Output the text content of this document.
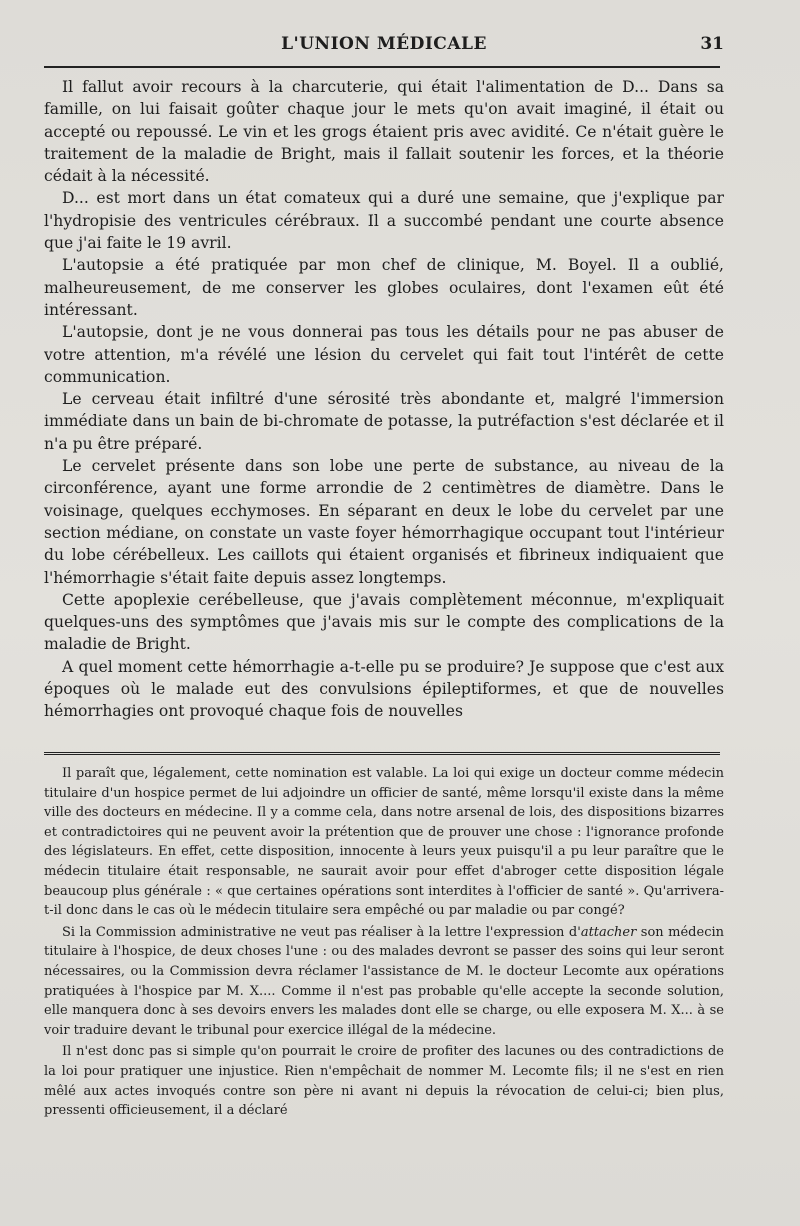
L'UNION MÉDICALE	31

Il fallut avoir recours à la charcuterie, qui était l'alimentation de D... Dans sa famille, on lui faisait goûter chaque jour le mets qu'on avait imaginé, il était ou accepté ou repoussé. Le vin et les grogs étaient pris avec avidité. Ce n'était guère le traitement de la maladie de Bright, mais il fallait soutenir les forces, et la théorie cédait à la nécessité.

D... est mort dans un état comateux qui a duré une semaine, que j'explique par l'hydropisie des ventricules cérébraux. Il a succombé pendant une courte absence que j'ai faite le 19 avril.

L'autopsie a été pratiquée par mon chef de clinique, M. Boyel. Il a oublié, malheureusement, de me conserver les globes oculaires, dont l'examen eût été intéressant.

L'autopsie, dont je ne vous donnerai pas tous les détails pour ne pas abuser de votre attention, m'a révélé une lésion du cervelet qui fait tout l'intérêt de cette communication.

Le cerveau était infiltré d'une sérosité très abondante et, malgré l'immersion immédiate dans un bain de bi-chromate de potasse, la putréfaction s'est déclarée et il n'a pu être préparé.

Le cervelet présente dans son lobe une perte de substance, au niveau de la circonférence, ayant une forme arrondie de 2 centimètres de diamètre. Dans le voisinage, quelques ecchymoses. En séparant en deux le lobe du cervelet par une section médiane, on constate un vaste foyer hémorrhagique occupant tout l'intérieur du lobe cérébelleux. Les caillots qui étaient organisés et fibrineux indiquaient que l'hémorrhagie s'était faite depuis assez longtemps.

Cette apoplexie cerébelleuse, que j'avais complètement méconnue, m'expliquait quelques-uns des symptômes que j'avais mis sur le compte des complications de la maladie de Bright.

A quel moment cette hémorrhagie a-t-elle pu se produire? Je suppose que c'est aux époques où le malade eut des convulsions épileptiformes, et que de nouvelles hémorrhagies ont provoqué chaque fois de nouvelles

Il paraît que, légalement, cette nomination est valable. La loi qui exige un docteur comme médecin titulaire d'un hospice permet de lui adjoindre un officier de santé, même lorsqu'il existe dans la même ville des docteurs en médecine. Il y a comme cela, dans notre arsenal de lois, des dispositions bizarres et contradictoires qui ne peuvent avoir la prétention que de prouver une chose : l'ignorance profonde des législateurs. En effet, cette disposition, innocente à leurs yeux puisqu'il a pu leur paraître que le médecin titulaire était responsable, ne saurait avoir pour effet d'abroger cette disposition légale beaucoup plus générale : « que certaines opérations sont interdites à l'officier de santé ». Qu'arrivera-t-il donc dans le cas où le médecin titulaire sera empêché ou par maladie ou par congé?

Si la Commission administrative ne veut pas réaliser à la lettre l'expression d'attacher son médecin titulaire à l'hospice, de deux choses l'une : ou des malades devront se passer des soins qui leur seront nécessaires, ou la Commission devra réclamer l'assistance de M. le docteur Lecomte aux opérations pratiquées à l'hospice par M. X.... Comme il n'est pas probable qu'elle accepte la seconde solution, elle manquera donc à ses devoirs envers les malades dont elle se charge, ou elle exposera M. X... à se voir traduire devant le tribunal pour exercice illégal de la médecine.

Il n'est donc pas si simple qu'on pourrait le croire de profiter des lacunes ou des contradictions de la loi pour pratiquer une injustice. Rien n'empêchait de nommer M. Lecomte fils; il ne s'est en rien mêlé aux actes invoqués contre son père ni avant ni depuis la révocation de celui-ci; bien plus, pressenti officieusement, il a déclaré
